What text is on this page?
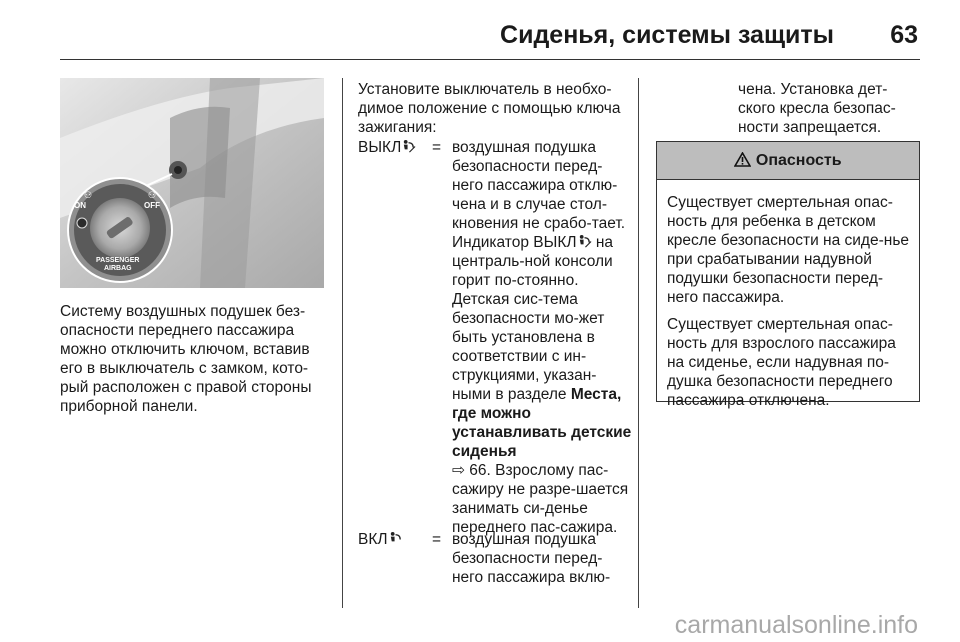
Сиденья, системы защиты 63
ON	OFF
PASSENGER
AIRBAG
⚇	⚇
Систему воздушных подушек без-опасности переднего пассажира можно отключить ключом, вставив его в выключатель с замком, кото-рый расположен с правой стороны приборной панели.
Установите выключатель в необхо-димое положение с помощью ключа зажигания:
ВЫКЛ	= воздушная подушка безопасности перед-него пассажира отклю-чена и в случае стол-кновения не срабо-тает. Индикатор ВЫКЛ на централь-ной консоли горит по-стоянно. Детская сис-тема безопасности мо-жет быть установлена в соответствии с ин-струкциями, указан-ными в разделе Места, где можно устанавливать детские сиденья
⇨ 66. Взрослому пас-сажиру не разре-шается занимать си-денье переднего пас-сажира.
ВКЛ	= воздушная подушка безопасности перед-него пассажира вклю-
чена. Установка дет-ского кресла безопас-ности запрещается.
Опасность

Существует смертельная опас-ность для ребенка в детском кресле безопасности на сиде-нье при срабатывании надувной подушки безопасности перед-него пассажира.

Существует смертельная опас-ность для взрослого пассажира на сиденье, если надувная по-душка безопасности переднего пассажира отключена.

carmanualsonline.info
